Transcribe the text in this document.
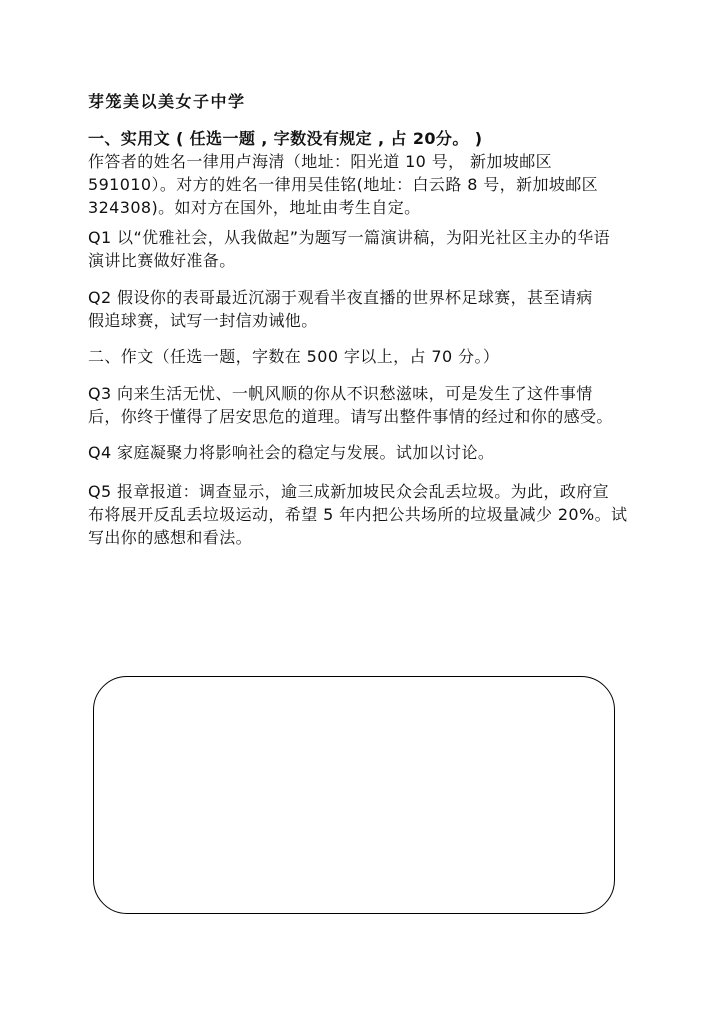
芽笼美以美女子中学
一、实用文 ( 任选一题 , 字数没有规定 , 占 20分。 )
作答者的姓名一律用卢海清（地址：阳光道 10 号， 新加坡邮区
591010）。对方的姓名一律用吴佳铭(地址：白云路 8 号，新加坡邮区
324308)。如对方在国外，地址由考生自定。
Q1 以“优雅社会，从我做起”为题写一篇演讲稿，为阳光社区主办的华语
演讲比赛做好准备。
Q2 假设你的表哥最近沉溺于观看半夜直播的世界杯足球赛，甚至请病
假追球赛，试写一封信劝诫他。
二、作文（任选一题，字数在 500 字以上，占 70 分。）
Q3 向来生活无忧、一帆风顺的你从不识愁滋味，可是发生了这件事情
后，你终于懂得了居安思危的道理。请写出整件事情的经过和你的感受。
Q4 家庭凝聚力将影响社会的稳定与发展。试加以讨论。
Q5 报章报道：调查显示，逾三成新加坡民众会乱丢垃圾。为此，政府宣
布将展开反乱丢垃圾运动，希望 5 年内把公共场所的垃圾量减少 20%。试
写出你的感想和看法。
